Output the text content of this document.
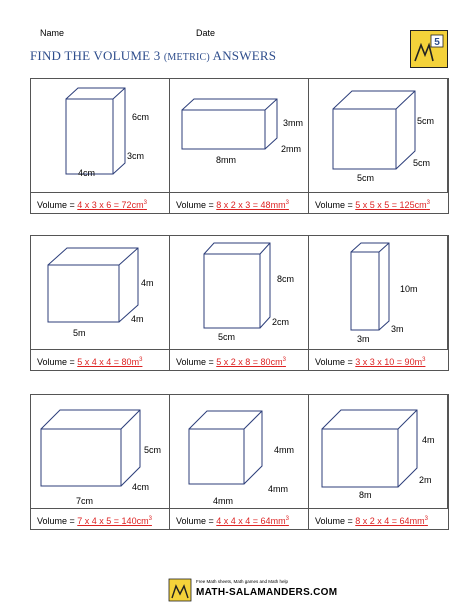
Name	Date
FIND THE VOLUME 3 (METRIC) ANSWERS
5
6cm
3cm
4cm
3mm
2mm
8mm
5cm
5cm
5cm
Volume = 4 x 3 x $6 = 72cm^3$	Volume = 8 x 2 x $3 = 48mm^3$	Volume = 5 x 5 x $5 = 125cm^3$
4m
4m
5m
8cm
2cm
5cm
10m
3m
3m
Volume = 5 x 4 x $4 = 80m^3$	Volume = 5 x 2 x $8 = 80cm^3$	Volume = 3 x 3 x $10 = 90m^3$
5cm
4cm
7cm
4mm
4mm
4mm
4m
2m
8m
Volume = 7 x 4 x $5 = 140cm^3$	Volume = 4 x 4 x $4 = 64mm^3$	Volume = 8 x 2 x $4 = 64mm^3$
Free Math sheets, Math games and Math help
MATH-SALAMANDERS.COM
